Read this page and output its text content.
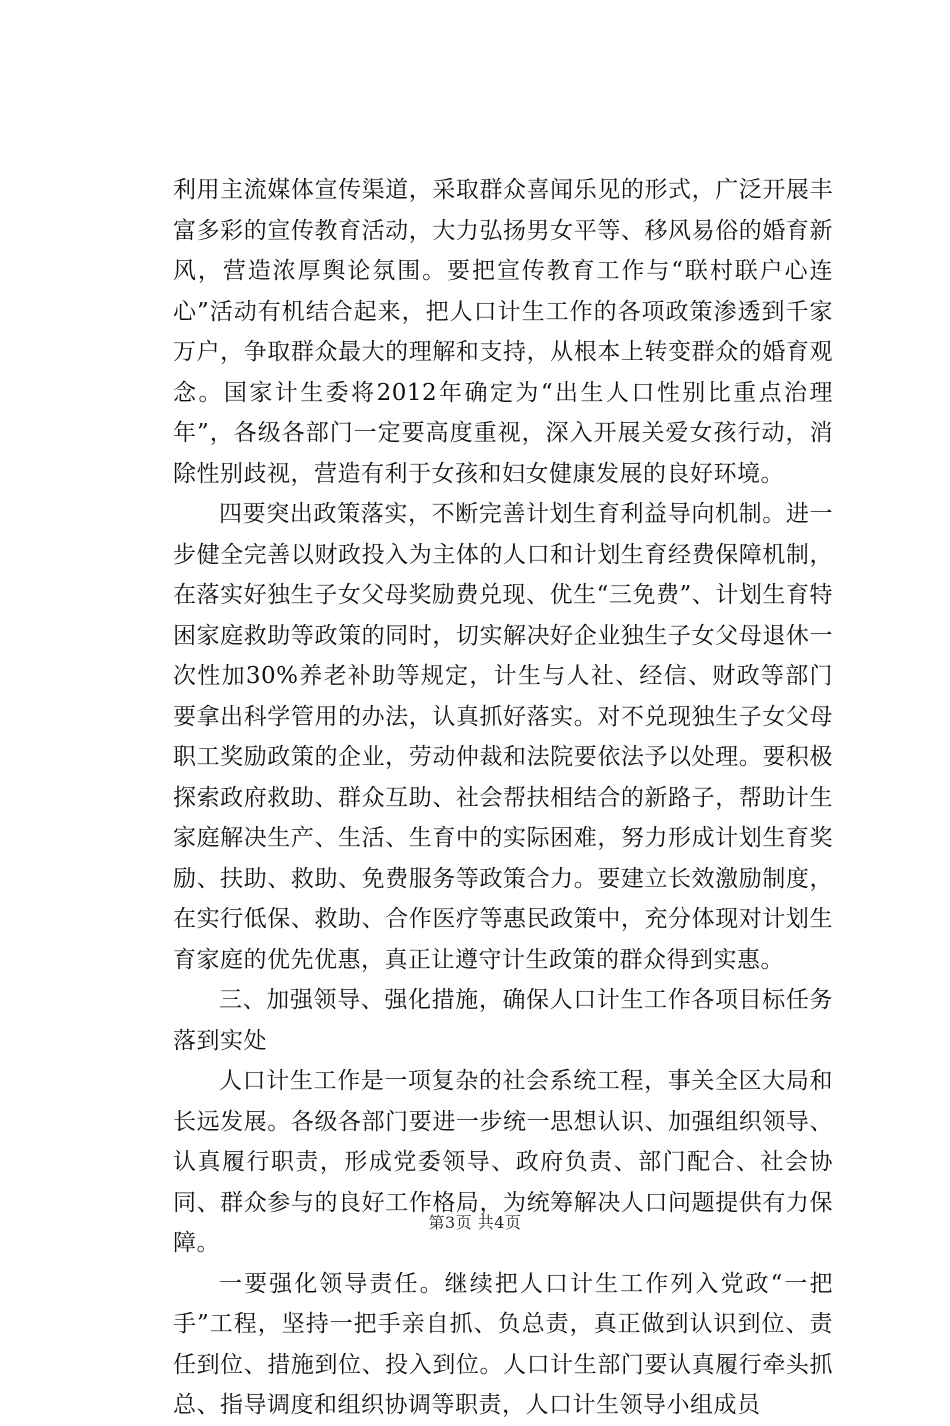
利用主流媒体宣传渠道，采取群众喜闻乐见的形式，广泛开展丰富多彩的宣传教育活动，大力弘扬男女平等、移风易俗的婚育新风，营造浓厚舆论氛围。要把宣传教育工作与“联村联户心连心”活动有机结合起来，把人口计生工作的各项政策渗透到千家万户，争取群众最大的理解和支持，从根本上转变群众的婚育观念。国家计生委将2012年确定为“出生人口性别比重点治理年”，各级各部门一定要高度重视，深入开展关爱女孩行动，消除性别歧视，营造有利于女孩和妇女健康发展的良好环境。

四要突出政策落实，不断完善计划生育利益导向机制。进一步健全完善以财政投入为主体的人口和计划生育经费保障机制，在落实好独生子女父母奖励费兑现、优生“三免费”、计划生育特困家庭救助等政策的同时，切实解决好企业独生子女父母退休一次性加30%养老补助等规定，计生与人社、经信、财政等部门要拿出科学管用的办法，认真抓好落实。对不兑现独生子女父母职工奖励政策的企业，劳动仲裁和法院要依法予以处理。要积极探索政府救助、群众互助、社会帮扶相结合的新路子，帮助计生家庭解决生产、生活、生育中的实际困难，努力形成计划生育奖励、扶助、救助、免费服务等政策合力。要建立长效激励制度，在实行低保、救助、合作医疗等惠民政策中，充分体现对计划生育家庭的优先优惠，真正让遵守计生政策的群众得到实惠。

三、加强领导、强化措施，确保人口计生工作各项目标任务落到实处

人口计生工作是一项复杂的社会系统工程，事关全区大局和长远发展。各级各部门要进一步统一思想认识、加强组织领导、认真履行职责，形成党委领导、政府负责、部门配合、社会协同、群众参与的良好工作格局，为统筹解决人口问题提供有力保障。

一要强化领导责任。继续把人口计生工作列入党政“一把手”工程，坚持一把手亲自抓、负总责，真正做到认识到位、责任到位、措施到位、投入到位。人口计生部门要认真履行牵头抓总、指导调度和组织协调等职责，人口计生领导小组成员

第3页 共4页
